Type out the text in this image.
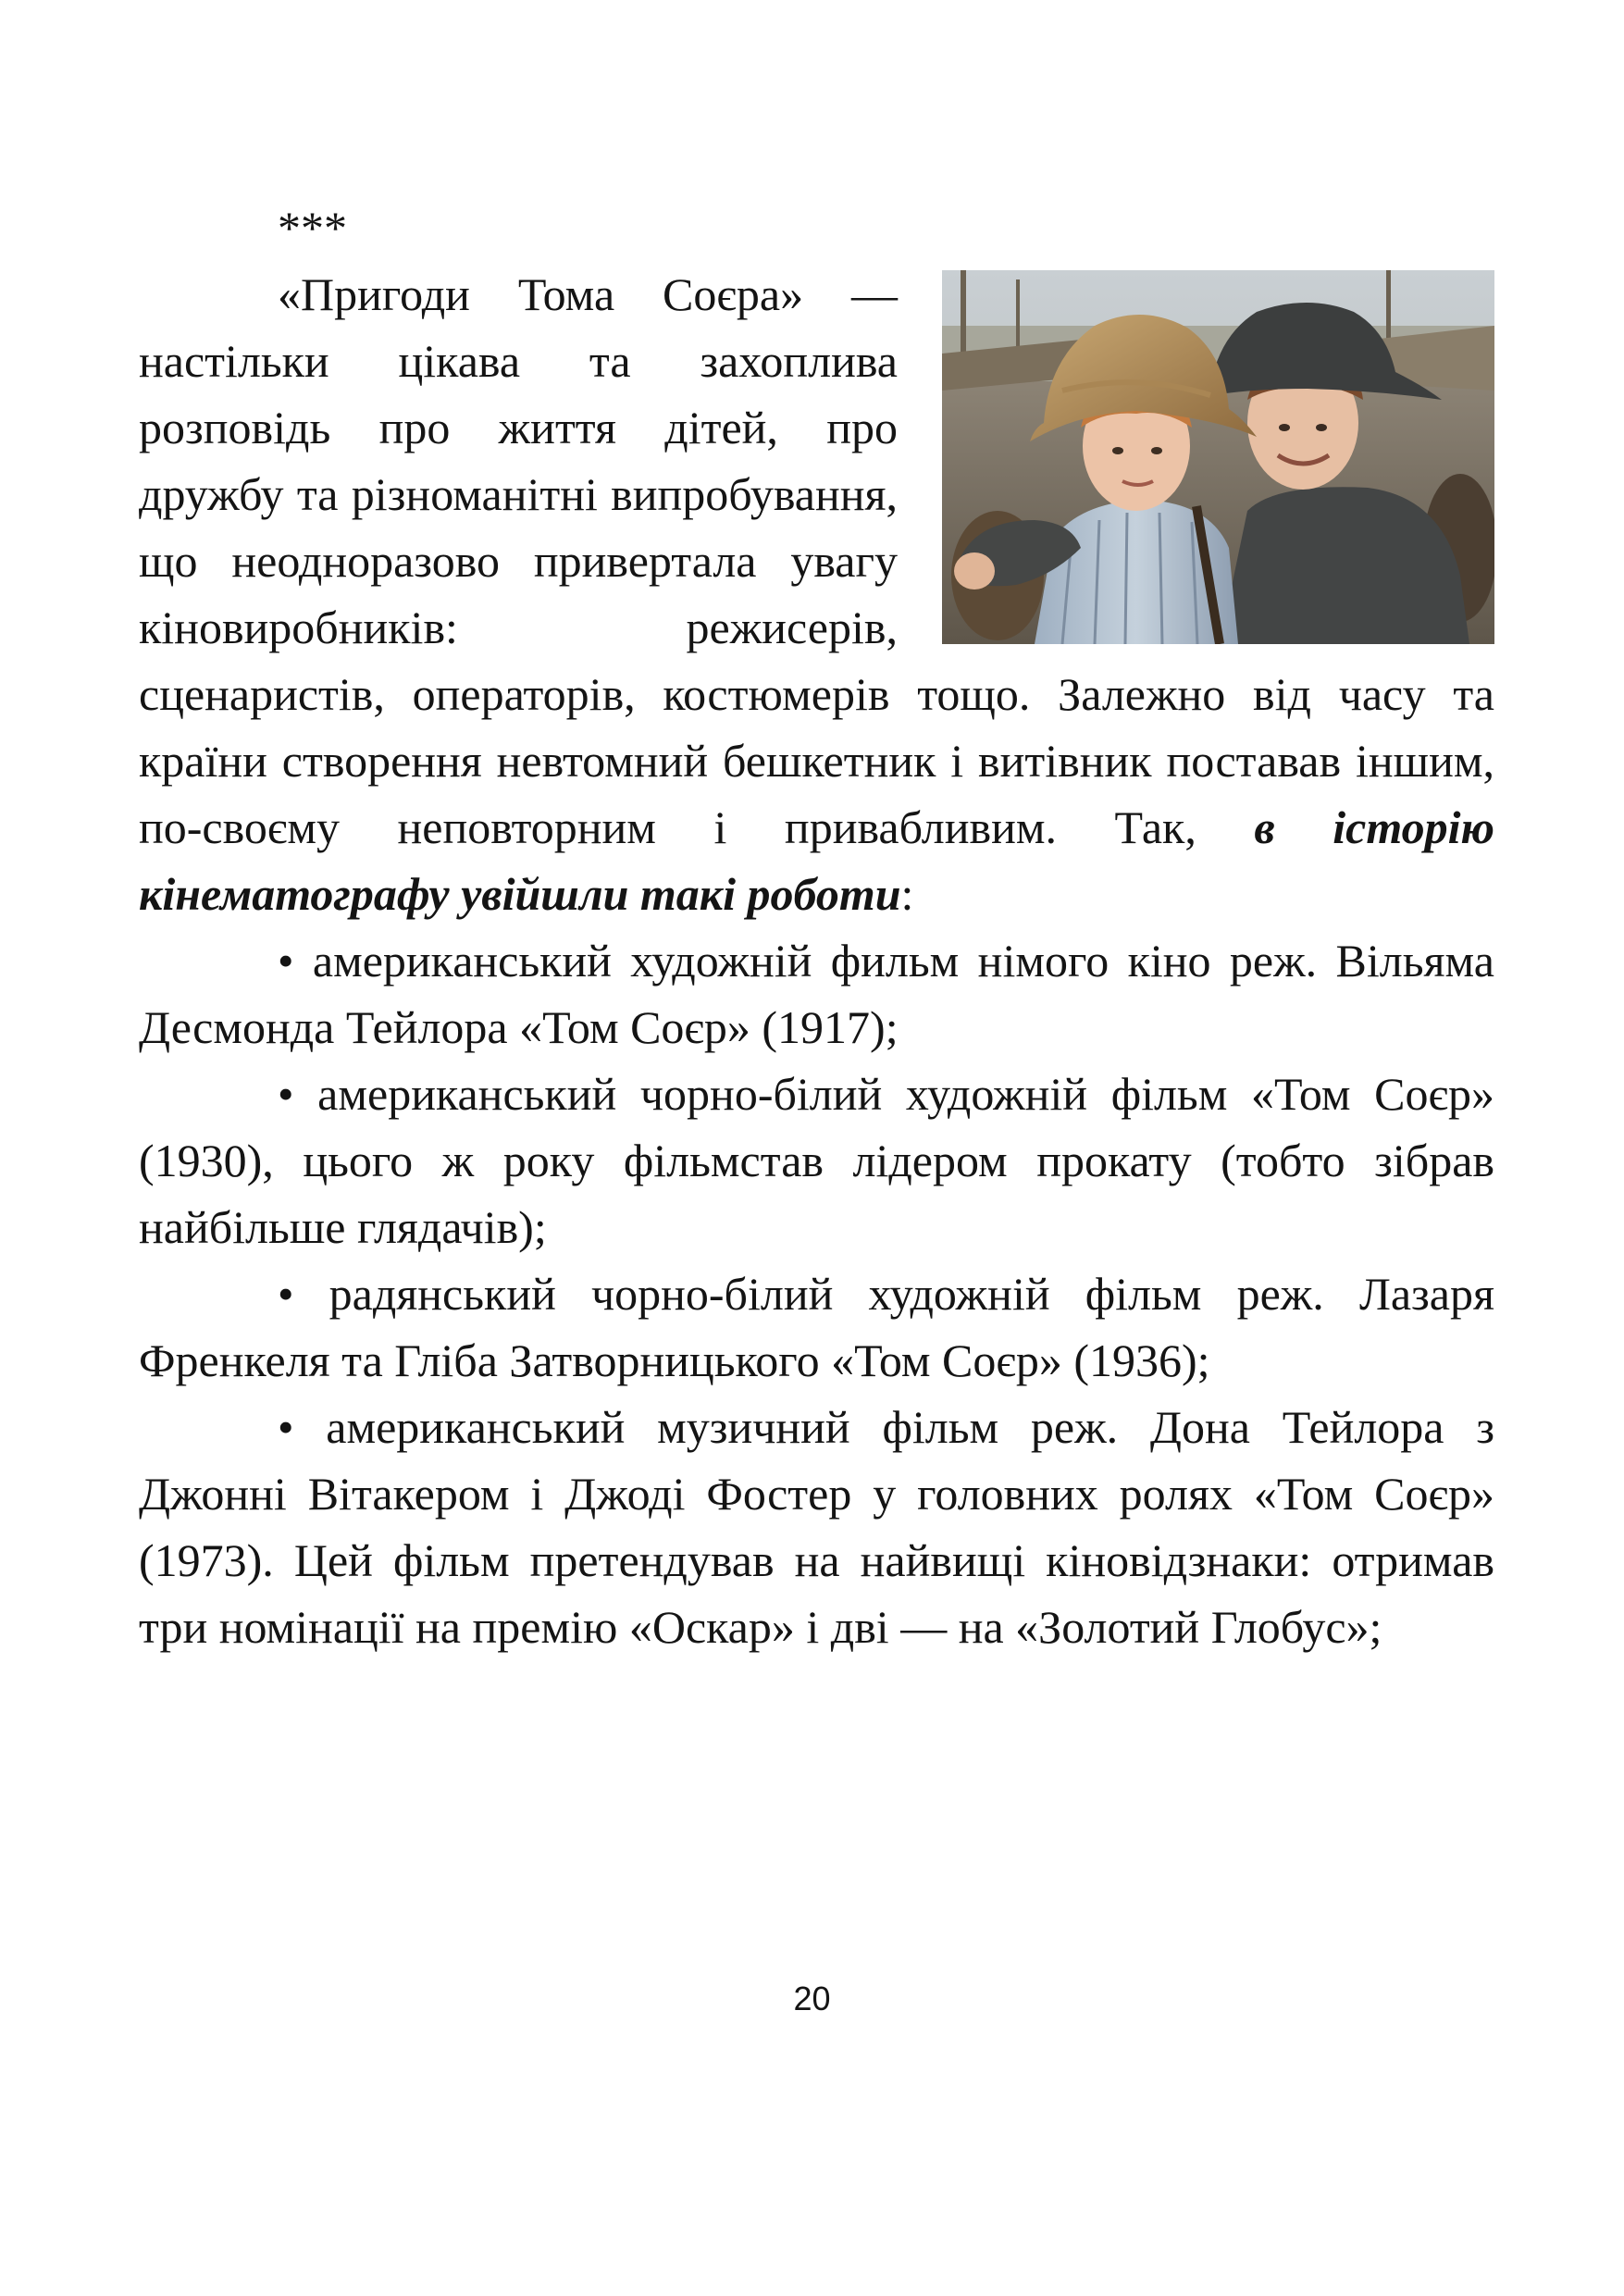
***

«Пригоди Тома Соєра» — настільки цікава та захоплива розповідь про життя дітей, про дружбу та різноманітні випробування, що неодноразово привертала увагу кіновиробників: режисерів, сценаристів, операторів, костюмерів тощо. Залежно від часу та країни створення невтомний бешкетник і витівник поставав іншим, по-своєму неповторним і привабливим. Так, в історію кінематографу увійшли такі роботи:

• американський художній фильм німого кіно реж. Вільяма Десмонда Тейлора «Том Соєр» (1917);

• американський чорно-білий художній фільм «Том Соєр» (1930), цього ж року фільмстав лідером прокату (тобто зібрав найбільше глядачів);

• радянський чорно-білий художній фільм реж. Лазаря Френкеля та Гліба Затворницького «Том Соєр» (1936);

• американський музичний фільм реж. Дона Тейлора з Джонні Вітакером і Джоді Фостер у головних ролях «Том Соєр» (1973). Цей фільм претендував на найвищі кіновідзнаки: отримав три номінації на премію «Оскар» і дві — на «Золотий Глобус»;

20
